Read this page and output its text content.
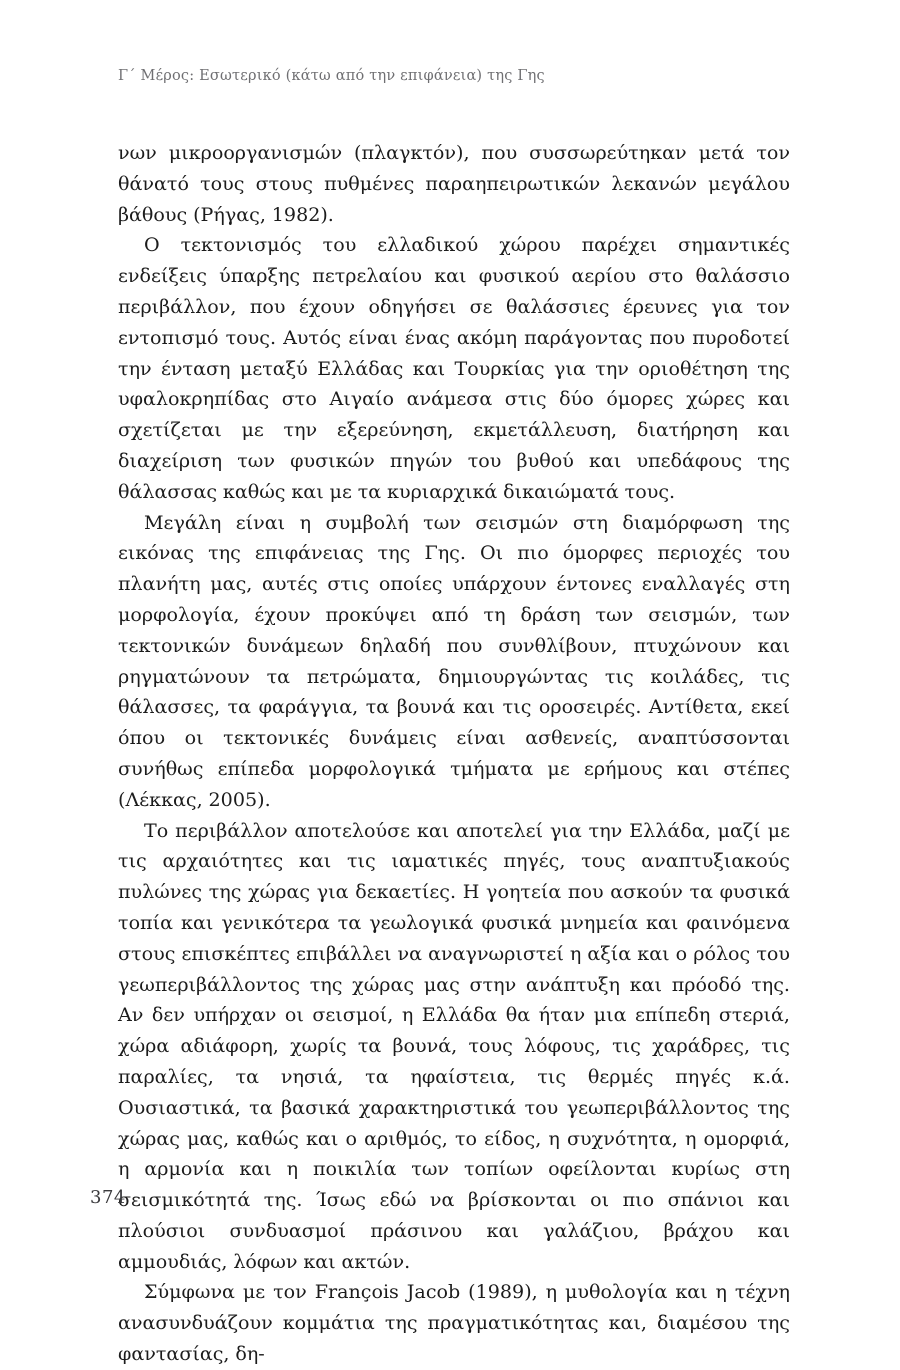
Γ΄ Μέρος: Εσωτερικό (κάτω από την επιφάνεια) της Γης

νων μικροοργανισμών (πλαγκτόν), που συσσωρεύτηκαν μετά τον θάνατό τους στους πυθμένες παραηπειρωτικών λεκανών μεγάλου βάθους (Ρήγας, 1982).

Ο τεκτονισμός του ελλαδικού χώρου παρέχει σημαντικές ενδείξεις ύπαρξης πετρελαίου και φυσικού αερίου στο θαλάσσιο περιβάλλον, που έχουν οδηγήσει σε θαλάσσιες έρευνες για τον εντοπισμό τους. Αυτός είναι ένας ακόμη παράγοντας που πυροδοτεί την ένταση μεταξύ Ελλάδας και Τουρκίας για την οριοθέτηση της υφαλοκρηπίδας στο Αιγαίο ανάμεσα στις δύο όμορες χώρες και σχετίζεται με την εξερεύνηση, εκμετάλλευση, διατήρηση και διαχείριση των φυσικών πηγών του βυθού και υπεδάφους της θάλασσας καθώς και με τα κυριαρχικά δικαιώματά τους.

Μεγάλη είναι η συμβολή των σεισμών στη διαμόρφωση της εικόνας της επιφάνειας της Γης. Οι πιο όμορφες περιοχές του πλανήτη μας, αυτές στις οποίες υπάρχουν έντονες εναλλαγές στη μορφολογία, έχουν προκύψει από τη δράση των σεισμών, των τεκτονικών δυνάμεων δηλαδή που συνθλίβουν, πτυχώνουν και ρηγματώνουν τα πετρώματα, δημιουργώντας τις κοιλάδες, τις θάλασσες, τα φαράγγια, τα βουνά και τις οροσειρές. Αντίθετα, εκεί όπου οι τεκτονικές δυνάμεις είναι ασθενείς, αναπτύσσονται συνήθως επίπεδα μορφολογικά τμήματα με ερήμους και στέπες (Λέκκας, 2005).

Το περιβάλλον αποτελούσε και αποτελεί για την Ελλάδα, μαζί με τις αρχαιότητες και τις ιαματικές πηγές, τους αναπτυξιακούς πυλώνες της χώρας για δεκαετίες. Η γοητεία που ασκούν τα φυσικά τοπία και γενικότερα τα γεωλογικά φυσικά μνημεία και φαινόμενα στους επισκέπτες επιβάλλει να αναγνωριστεί η αξία και ο ρόλος του γεωπεριβάλλοντος της χώρας μας στην ανάπτυξη και πρόοδό της. Αν δεν υπήρχαν οι σεισμοί, η Ελλάδα θα ήταν μια επίπεδη στεριά, χώρα αδιάφορη, χωρίς τα βουνά, τους λόφους, τις χαράδρες, τις παραλίες, τα νησιά, τα ηφαίστεια, τις θερμές πηγές κ.ά. Ουσιαστικά, τα βασικά χαρακτηριστικά του γεωπεριβάλλοντος της χώρας μας, καθώς και ο αριθμός, το είδος, η συχνότητα, η ομορφιά, η αρμονία και η ποικιλία των τοπίων οφείλονται κυρίως στη σεισμικότητά της. Ίσως εδώ να βρίσκονται οι πιο σπάνιοι και πλούσιοι συνδυασμοί πράσινου και γαλάζιου, βράχου και αμμουδιάς, λόφων και ακτών.

Σύμφωνα με τον François Jacob (1989), η μυθολογία και η τέχνη ανασυνδυάζουν κομμάτια της πραγματικότητας και, διαμέσου της φαντασίας, δη-

374
